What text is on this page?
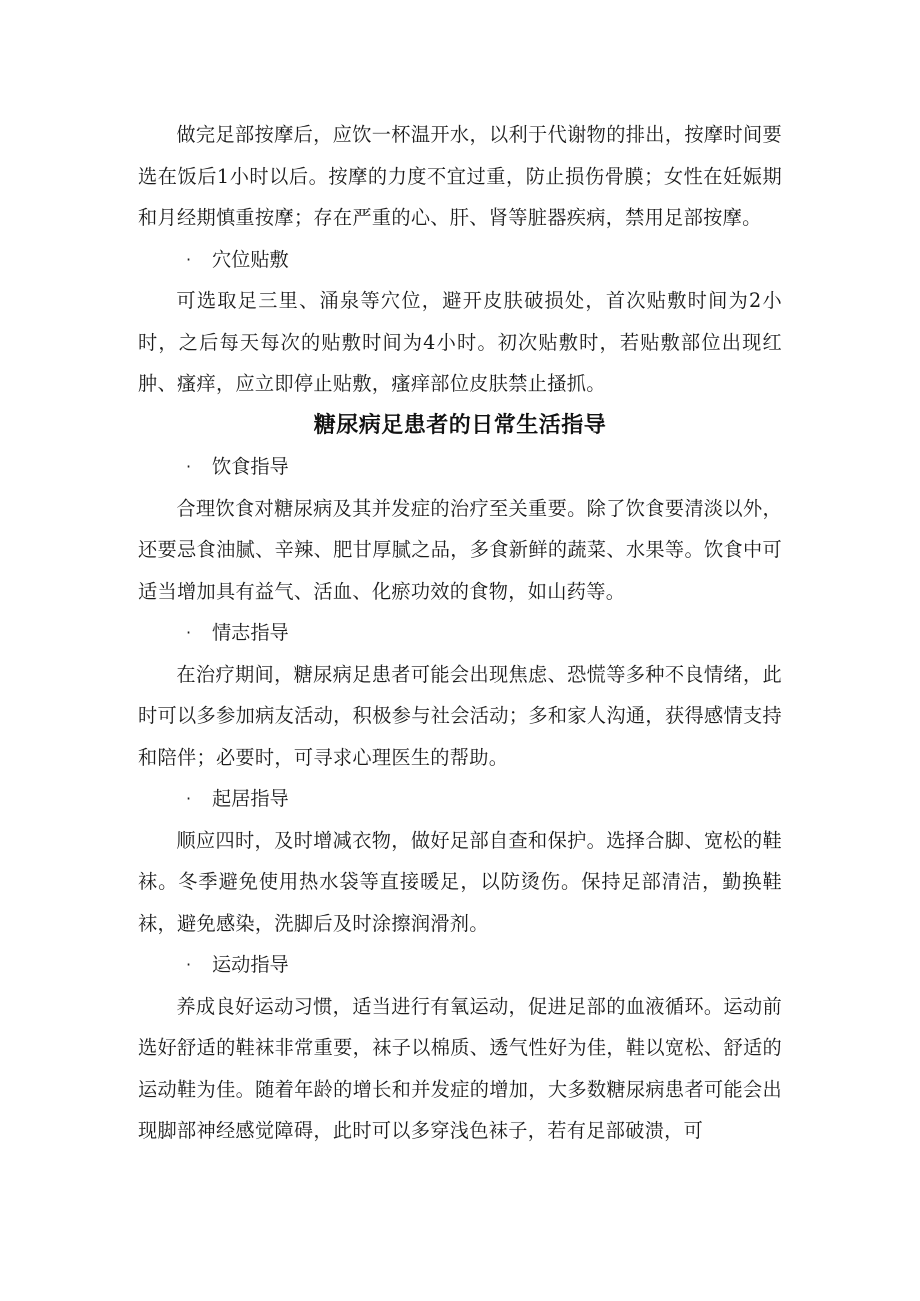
做完足部按摩后，应饮一杯温开水，以利于代谢物的排出，按摩时间要选在饭后1小时以后。按摩的力度不宜过重，防止损伤骨膜；女性在妊娠期和月经期慎重按摩；存在严重的心、肝、肾等脏器疾病，禁用足部按摩。

·	穴位贴敷

可选取足三里、涌泉等穴位，避开皮肤破损处，首次贴敷时间为2小时，之后每天每次的贴敷时间为4小时。初次贴敷时，若贴敷部位出现红肿、瘙痒，应立即停止贴敷，瘙痒部位皮肤禁止搔抓。

糖尿病足患者的日常生活指导
·	饮食指导

合理饮食对糖尿病及其并发症的治疗至关重要。除了饮食要清淡以外，还要忌食油腻、辛辣、肥甘厚腻之品，多食新鲜的蔬菜、水果等。饮食中可适当增加具有益气、活血、化瘀功效的食物，如山药等。

·	情志指导

在治疗期间，糖尿病足患者可能会出现焦虑、恐慌等多种不良情绪，此时可以多参加病友活动，积极参与社会活动；多和家人沟通，获得感情支持和陪伴；必要时，可寻求心理医生的帮助。

·	起居指导

顺应四时，及时增减衣物，做好足部自查和保护。选择合脚、宽松的鞋袜。冬季避免使用热水袋等直接暖足，以防烫伤。保持足部清洁，勤换鞋袜，避免感染，洗脚后及时涂擦润滑剂。

·	运动指导

养成良好运动习惯，适当进行有氧运动，促进足部的血液循环。运动前选好舒适的鞋袜非常重要，袜子以棉质、透气性好为佳，鞋以宽松、舒适的运动鞋为佳。随着年龄的增长和并发症的增加，大多数糖尿病患者可能会出现脚部神经感觉障碍，此时可以多穿浅色袜子，若有足部破溃，可
